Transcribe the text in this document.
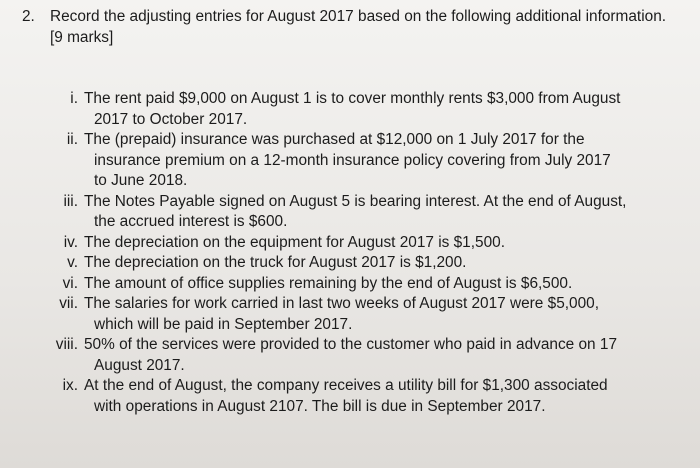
2. Record the adjusting entries for August 2017 based on the following additional information. [9 marks]
i. The rent paid $9,000 on August 1 is to cover monthly rents $3,000 from August
2017 to October 2017.
ii. The (prepaid) insurance was purchased at $12,000 on 1 July 2017 for the
insurance premium on a 12-month insurance policy covering from July 2017
to June 2018.
iii. The Notes Payable signed on August 5 is bearing interest. At the end of August,
the accrued interest is $600.
iv. The depreciation on the equipment for August 2017 is $1,500.
v. The depreciation on the truck for August 2017 is $1,200.
vi. The amount of office supplies remaining by the end of August is $6,500.
vii. The salaries for work carried in last two weeks of August 2017 were $5,000,
which will be paid in September 2017.
viii. 50% of the services were provided to the customer who paid in advance on 17
August 2017.
ix. At the end of August, the company receives a utility bill for $1,300 associated
with operations in August 2107. The bill is due in September 2017.
